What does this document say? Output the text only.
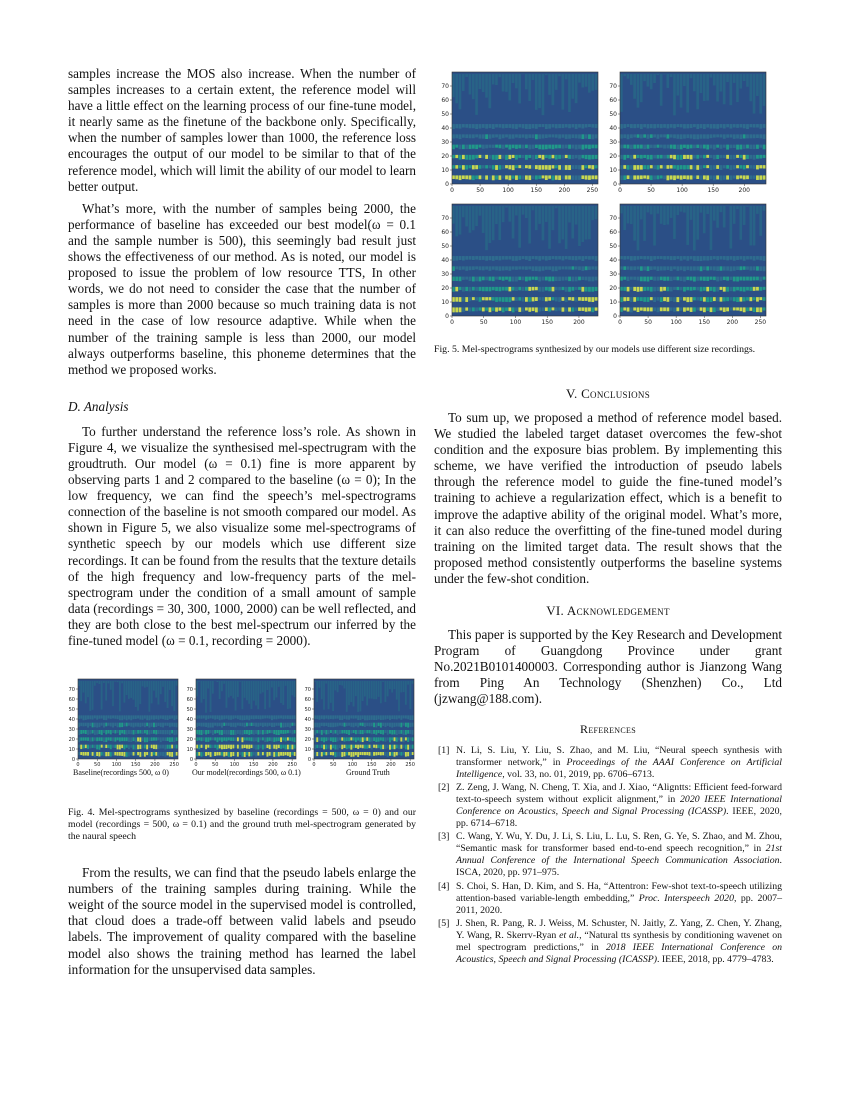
samples increase the MOS also increase. When the number of samples increases to a certain extent, the reference model will have a little effect on the learning process of our fine-tune model, it nearly same as the finetune of the backbone only. Specifically, when the number of samples lower than 1000, the reference loss encourages the output of our model to be similar to that of the reference model, which will limit the ability of our model to learn better output.

What’s more, with the number of samples being 2000, the performance of baseline has exceeded our best model(ω = 0.1 and the sample number is 500), this seemingly bad result just shows the effectiveness of our method. As is noted, our model is proposed to issue the problem of low resource TTS, In other words, we do not need to consider the case that the number of samples is more than 2000 because so much training data is not need in the case of low resource adaptive. While when the number of the training sample is less than 2000, our model always outperforms baseline, this phoneme determines that the method we proposed works.

D. Analysis

To further understand the reference loss’s role. As shown in Figure 4, we visualize the synthesised mel-spectrugram with the groudtruth. Our model (ω = 0.1) fine is more apparent by observing parts 1 and 2 compared to the baseline (ω = 0); In the low frequency, we can find the speech’s mel-spectrograms connection of the baseline is not smooth compared our model. As shown in Figure 5, we also visualize some mel-spectrograms of synthetic speech by our models which use different size recordings. It can be found from the results that the texture details of the high frequency and low-frequency parts of the mel-spectrogram under the condition of a small amount of sample data (recordings = 30, 300, 1000, 2000) can be well reflected, and they are both close to the best mel-spectrum our inferred by the fine-tuned model (ω = 0.1, recording = 2000).

0	50 100 150 200 250
0
10
20
30
40
50
60
70
0	50 100 150 200 250
0
10
20
30
40
50
60
70
0	50 100 150 200 250
0
10
20
30
40
50
60
70
Baseline(recordings 500, ω 0)	Our model(recordings 500, ω 0.1)	Ground Truth

Fig. 4. Mel-spectrograms synthesized by baseline (recordings = 500, ω = 0) and our model (recordings = 500, ω = 0.1) and the ground truth mel-spectrogram generated by the naural speech

From the results, we can find that the pseudo labels enlarge the numbers of the training samples during training. While the weight of the source model in the supervised model is controlled, that cloud does a trade-off between valid labels and pseudo labels. The improvement of quality compared with the baseline model also shows the training method has learned the label information for the unsupervised data samples.

0	50	100	150	200	250
0
10
20
30
40
50
60
70
0	50	100	150	200
0
10
20
30
40
50
60
70
0	50	100	150	200
0
10
20
30
40
50
60
70
0	50	100	150	200	250
0
10
20
30
40
50
60
70

Fig. 5. Mel-spectrograms synthesized by our models use different size recordings.

V. Conclusions

To sum up, we proposed a method of reference model based. We studied the labeled target dataset overcomes the few-shot condition and the exposure bias problem. By implementing this scheme, we have verified the introduction of pseudo labels through the reference model to guide the fine-tuned model’s training to achieve a regularization effect, which is a benefit to improve the adaptive ability of the original model. What’s more, it can also reduce the overfitting of the fine-tuned model during training on the limited target data. The result shows that the proposed method consistently outperforms the baseline systems under the few-shot condition.

VI. Acknowledgement

This paper is supported by the Key Research and Development Program of Guangdong Province under grant No.2021B0101400003. Corresponding author is Jianzong Wang from Ping An Technology (Shenzhen) Co., Ltd (jzwang@188.com).

References
[1] N. Li, S. Liu, Y. Liu, S. Zhao, and M. Liu, “Neural speech synthesis with transformer network,” in Proceedings of the AAAI Conference on Artificial Intelligence, vol. 33, no. 01, 2019, pp. 6706–6713.
[2] Z. Zeng, J. Wang, N. Cheng, T. Xia, and J. Xiao, “Aligntts: Efficient feed-forward text-to-speech system without explicit alignment,” in 2020 IEEE International Conference on Acoustics, Speech and Signal Processing (ICASSP). IEEE, 2020, pp. 6714–6718.
[3] C. Wang, Y. Wu, Y. Du, J. Li, S. Liu, L. Lu, S. Ren, G. Ye, S. Zhao, and M. Zhou, “Semantic mask for transformer based end-to-end speech recognition,” in 21st Annual Conference of the International Speech Communication Association. ISCA, 2020, pp. 971–975.
[4] S. Choi, S. Han, D. Kim, and S. Ha, “Attentron: Few-shot text-to-speech utilizing attention-based variable-length embedding,” Proc. Interspeech 2020, pp. 2007–2011, 2020.
[5] J. Shen, R. Pang, R. J. Weiss, M. Schuster, N. Jaitly, Z. Yang, Z. Chen, Y. Zhang, Y. Wang, R. Skerrv-Ryan et al., “Natural tts synthesis by conditioning wavenet on mel spectrogram predictions,” in 2018 IEEE International Conference on Acoustics, Speech and Signal Processing (ICASSP). IEEE, 2018, pp. 4779–4783.
